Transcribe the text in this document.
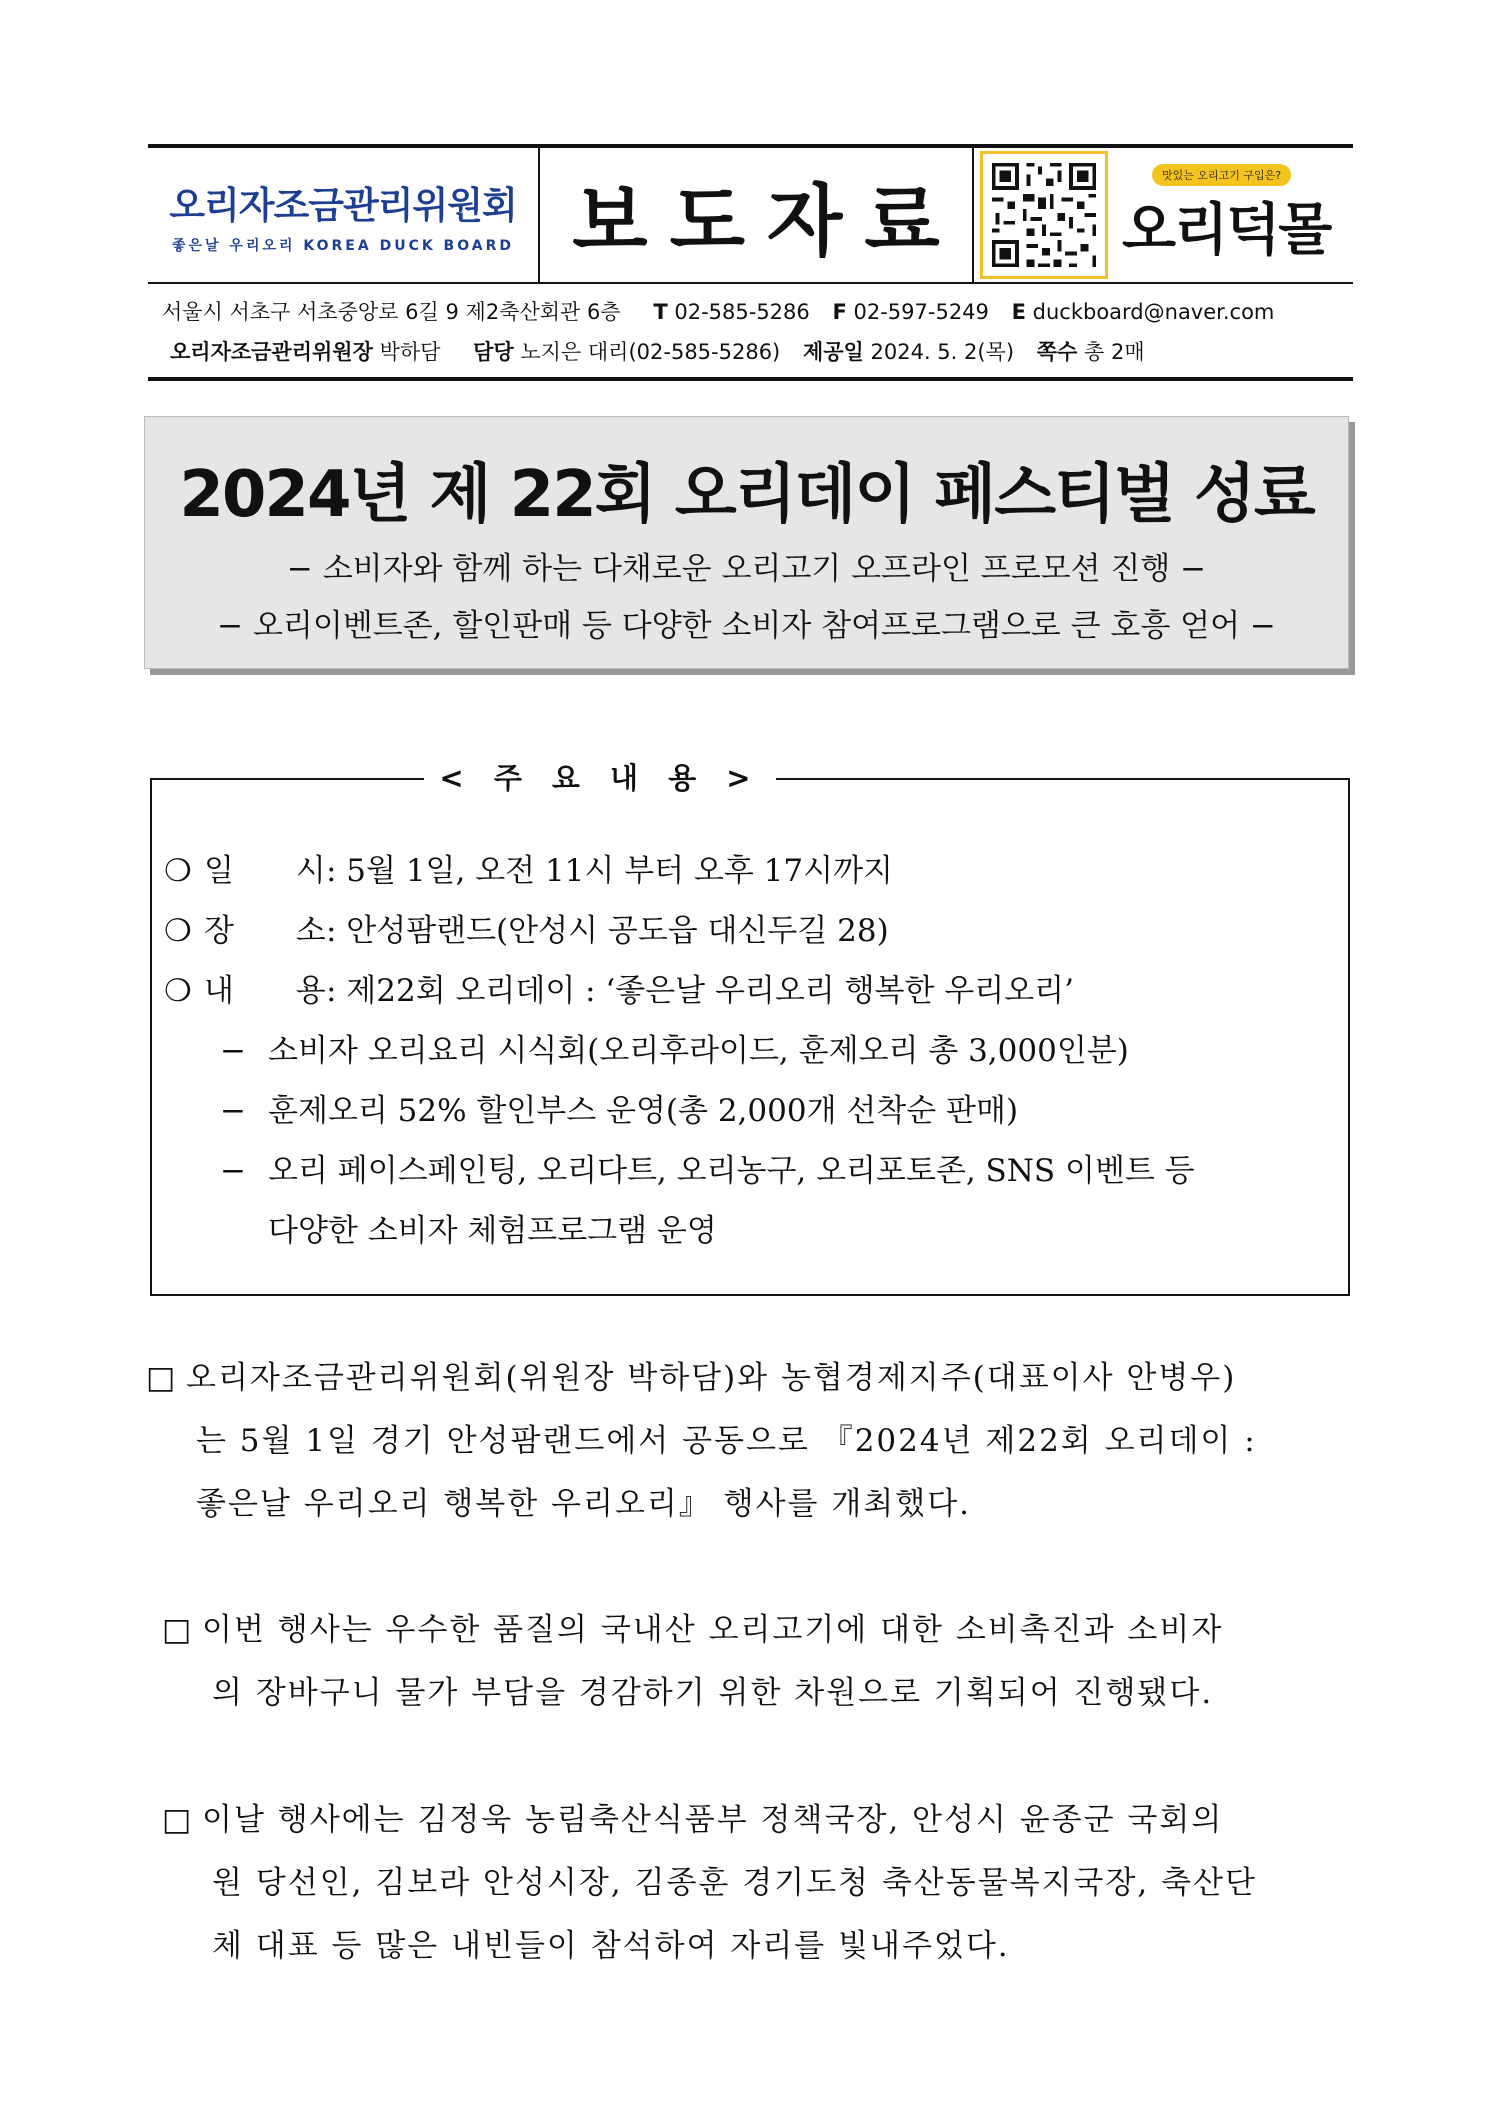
오리자조금관리위원회
좋은날 우리오리 KOREA DUCK BOARD 보도자료
맛있는 오리고기 구입은?
오리덕몰
서울시 서초구 서초중앙로 6길 9 제2축산회관 6층 T 02-585-5286 F 02-597-5249 E duckboard@naver.com
오리자조금관리위원장 박하담 담당 노지은 대리(02-585-5286) 제공일 2024. 5. 2(목) 쪽수 총 2매
2024년 제 22회 오리데이 페스티벌 성료
− 소비자와 함께 하는 다채로운 오리고기 오프라인 프로모션 진행 −
− 오리이벤트존, 할인판매 등 다양한 소비자 참여프로그램으로 큰 호흥 얻어 −
< 주 요 내 용 >
❍ 일 시: 5월 1일, 오전 11시 부터 오후 17시까지
❍ 장 소: 안성팜랜드(안성시 공도읍 대신두길 28)
❍ 내 용: 제22회 오리데이 : ‘좋은날 우리오리 행복한 우리오리’
− 소비자 오리요리 시식회(오리후라이드, 훈제오리 총 3,000인분)
− 훈제오리 52% 할인부스 운영(총 2,000개 선착순 판매)
− 오리 페이스페인팅, 오리다트, 오리농구, 오리포토존, SNS 이벤트 등
다양한 소비자 체험프로그램 운영
□ 오리자조금관리위원회(위원장 박하담)와 농협경제지주(대표이사 안병우)
는 5월 1일 경기 안성팜랜드에서 공동으로 『2024년 제22회 오리데이 :
좋은날 우리오리 행복한 우리오리』 행사를 개최했다.
□ 이번 행사는 우수한 품질의 국내산 오리고기에 대한 소비촉진과 소비자
의 장바구니 물가 부담을 경감하기 위한 차원으로 기획되어 진행됐다.
□ 이날 행사에는 김정욱 농림축산식품부 정책국장, 안성시 윤종군 국회의
원 당선인, 김보라 안성시장, 김종훈 경기도청 축산동물복지국장, 축산단
체 대표 등 많은 내빈들이 참석하여 자리를 빛내주었다.
